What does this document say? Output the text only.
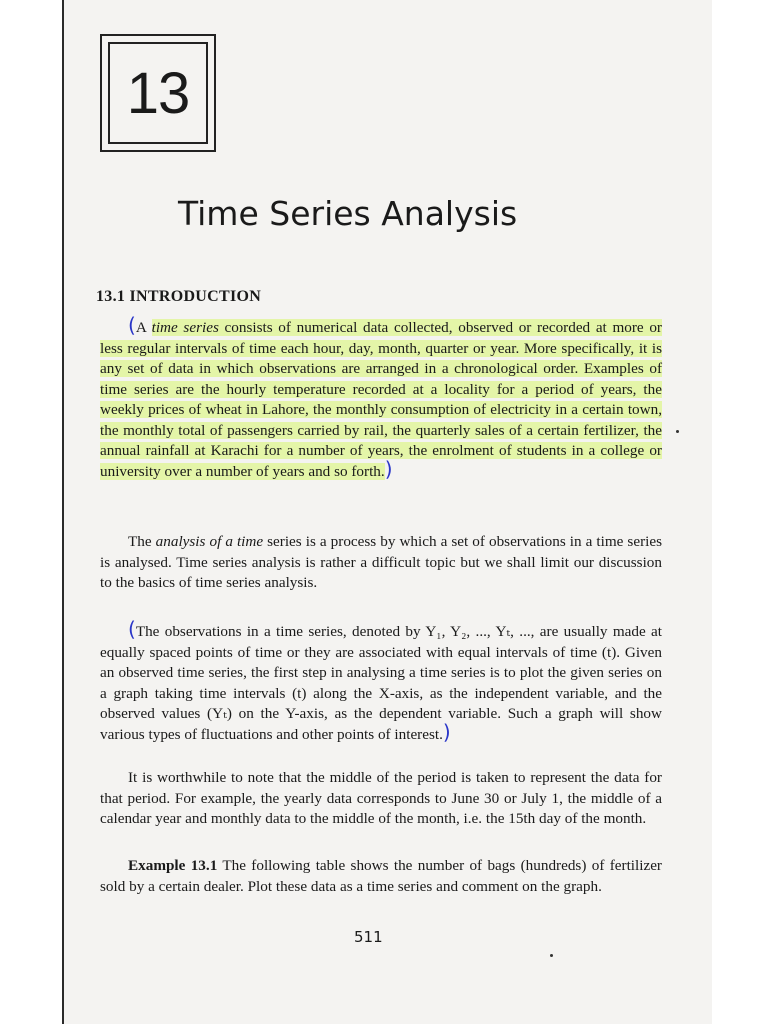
13
Time Series Analysis
13.1 INTRODUCTION

(A time series consists of numerical data collected, observed or recorded at more or less regular intervals of time each hour, day, month, quarter or year. More specifically, it is any set of data in which observations are arranged in a chronological order. Examples of time series are the hourly temperature recorded at a locality for a period of years, the weekly prices of wheat in Lahore, the monthly consumption of electricity in a certain town, the monthly total of passengers carried by rail, the quarterly sales of a certain fertilizer, the annual rainfall at Karachi for a number of years, the enrolment of students in a college or university over a number of years and so forth.)

The analysis of a time series is a process by which a set of observations in a time series is analysed. Time series analysis is rather a difficult topic but we shall limit our discussion to the basics of time series analysis.

(The observations in a time series, denoted by Y₁, Y₂, ..., Yₜ, ..., are usually made at equally spaced points of time or they are associated with equal intervals of time (t). Given an observed time series, the first step in analysing a time series is to plot the given series on a graph taking time intervals (t) along the X-axis, as the independent variable, and the observed values (Yₜ) on the Y-axis, as the dependent variable. Such a graph will show various types of fluctuations and other points of interest.)

It is worthwhile to note that the middle of the period is taken to represent the data for that period. For example, the yearly data corresponds to June 30 or July 1, the middle of a calendar year and monthly data to the middle of the month, i.e. the 15th day of the month.

Example 13.1 The following table shows the number of bags (hundreds) of fertilizer sold by a certain dealer. Plot these data as a time series and comment on the graph.

511
